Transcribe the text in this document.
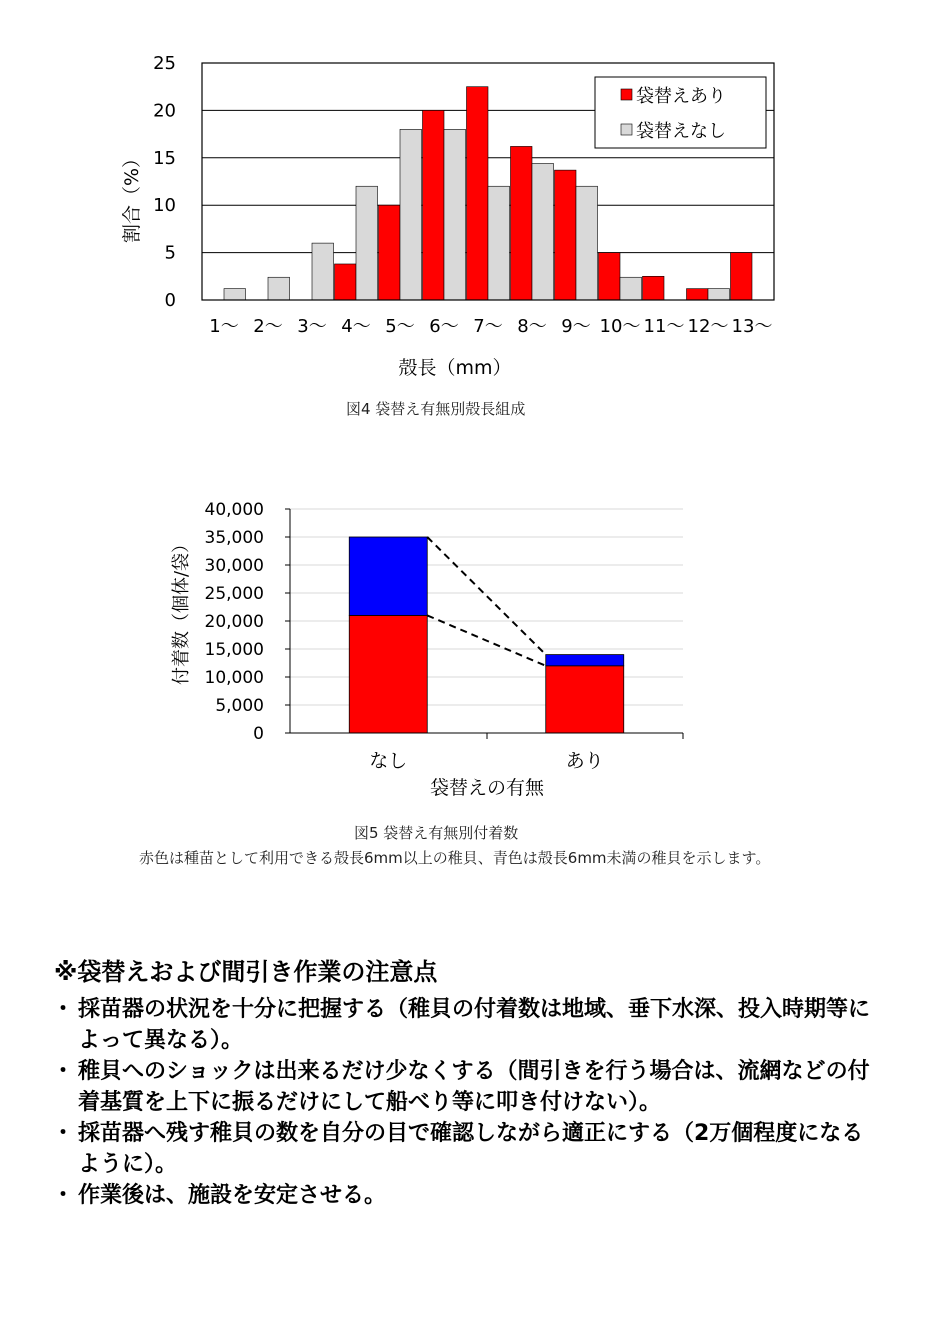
0
5
10
15
20
25
1～ 2～ 3～ 4～ 5～ 6～ 7～ 8～ 9～ 10～ 11～ 12～ 13～
割合（%）
殻長（mm）
袋替えあり
袋替えなし
図4 袋替え有無別殻長組成
0
5,000
10,000
15,000
20,000
25,000
30,000
35,000
40,000
なし	あり
付着数（個体/袋）
袋替えの有無
図5 袋替え有無別付着数
赤色は種苗として利用できる殻長6mm以上の稚貝、青色は殻長6mm未満の稚貝を示します。
※袋替えおよび間引き作業の注意点
・ 採苗器の状況を十分に把握する（稚貝の付着数は地域、垂下水深、投入時期等によって異なる）。
・ 稚貝へのショックは出来るだけ少なくする（間引きを行う場合は、流網などの付着基質を上下に振るだけにして船べり等に叩き付けない）。
・ 採苗器へ残す稚貝の数を自分の目で確認しながら適正にする（2万個程度になるように）。
・ 作業後は、施設を安定させる。
